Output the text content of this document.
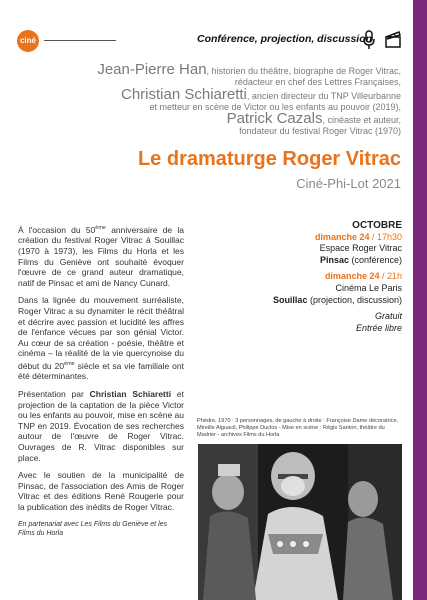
ciné	Conférence, projection, discussion
Jean-Pierre Han, historien du théâtre, biographe de Roger Vitrac,
rédacteur en chef des Lettres Françaises,
Christian Schiaretti, ancien directeur du TNP Villeurbanne
et metteur en scène de Victor ou les enfants au pouvoir (2019),
Patrick Cazals, cinéaste et auteur,
fondateur du festival Roger Vitrac (1970)
Le dramaturge Roger Vitrac
Ciné-Phi-Lot 2021

À l'occasion du 50ème anniversaire de la création du festival Roger Vitrac à Souillac (1970 à 1973), les Films du Horla et les Films du Geniève ont souhaité évoquer l'œuvre de ce grand auteur dramatique, natif de Pinsac et ami de Nancy Cunard.

Dans la lignée du mouvement surréaliste, Roger Vitrac a su dynamiter le récit théâtral et décrire avec passion et lucidité les affres de l'enfance vécues par son génial Victor. Au cœur de sa création - poésie, théâtre et cinéma – la réalité de la vie quercynoise du début du 20ème siècle et sa vie familiale ont été déterminantes.

Présentation par Christian Schiaretti et projection de la captation de la pièce Victor ou les enfants au pouvoir, mise en scène au TNP en 2019. Évocation de ses recherches autour de l'œuvre de Roger Vitrac. Ouvrages de R. Vitrac disponibles sur place.

Avec le soutien de la municipalité de Pinsac, de l'association des Amis de Roger Vitrac et des éditions René Rougerie pour la publication des inédits de Roger Vitrac.

En partenariat avec Les Films du Geniève et les Films du Horla

OCTOBRE
dimanche 24 / 17h30
Espace Roger Vitrac
Pinsac (conférence)
dimanche 24 / 21h
Cinéma Le Paris
Souillac (projection, discussion)
Gratuit
Entrée libre
Phèdre, 1970 : 3 personnages, de gauche à droite : Françoise Dame décoratrice, Mireille Alguacil, Philippe Duclos - Mise en scène : Régis Santon, théâtre du Madrier - archives Films du Horla
